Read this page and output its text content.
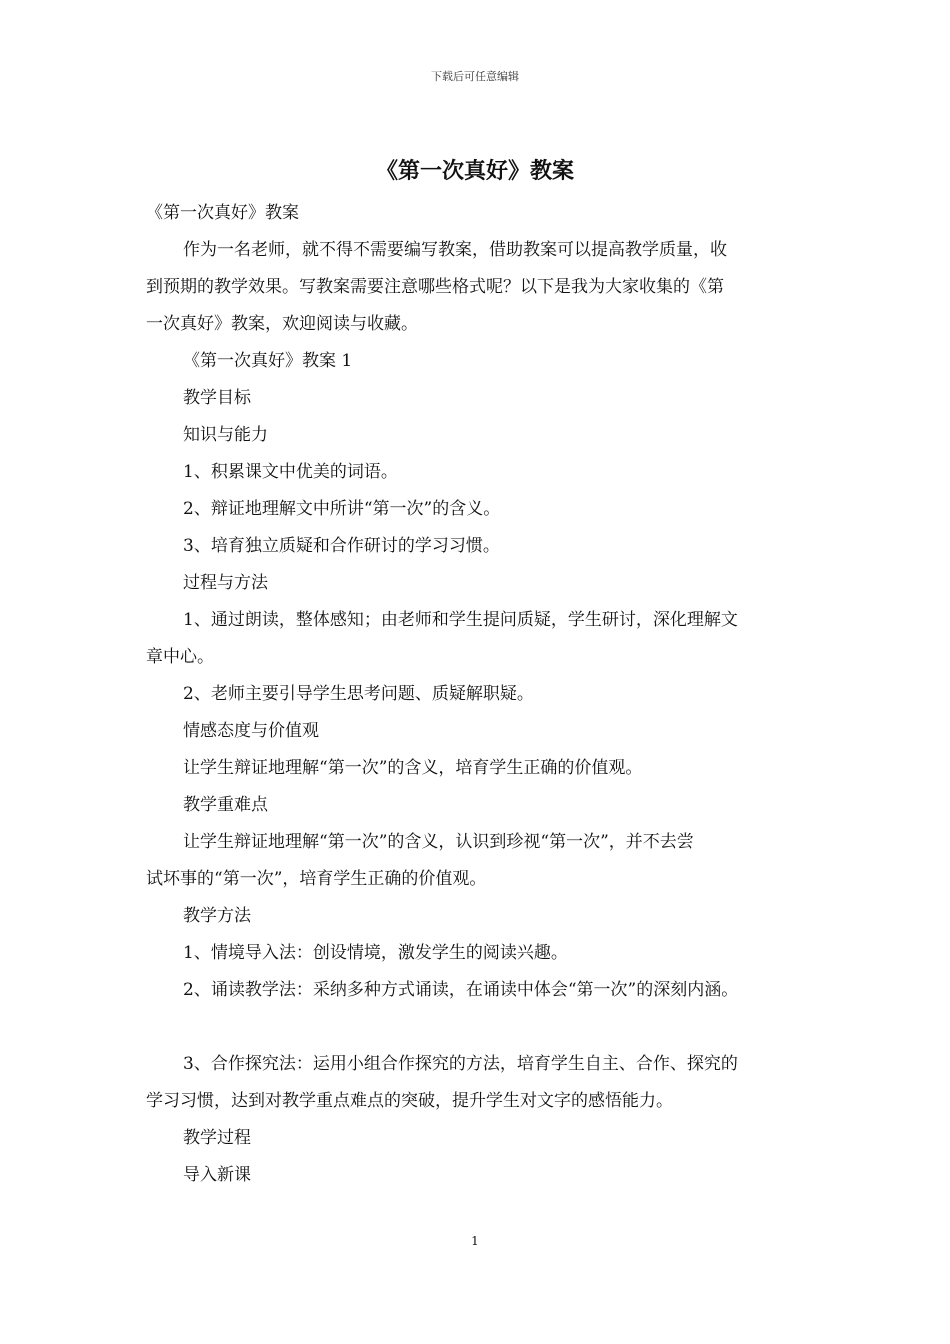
下载后可任意编辑
《第一次真好》教案
《第一次真好》教案
作为一名老师，就不得不需要编写教案，借助教案可以提高教学质量，收
到预期的教学效果。写教案需要注意哪些格式呢？以下是我为大家收集的《第
一次真好》教案，欢迎阅读与收藏。
《第一次真好》教案 1
教学目标
知识与能力
1、积累课文中优美的词语。
2、辩证地理解文中所讲“第一次”的含义。
3、培育独立质疑和合作研讨的学习习惯。
过程与方法
1、通过朗读，整体感知；由老师和学生提问质疑，学生研讨，深化理解文
章中心。
2、老师主要引导学生思考问题、质疑解职疑。
情感态度与价值观
让学生辩证地理解“第一次”的含义，培育学生正确的价值观。
教学重难点
让学生辩证地理解“第一次”的含义，认识到珍视“第一次”，并不去尝
试坏事的“第一次”，培育学生正确的价值观。
教学方法
1、情境导入法：创设情境，激发学生的阅读兴趣。
2、诵读教学法：采纳多种方式诵读，在诵读中体会“第一次”的深刻内涵。
3、合作探究法：运用小组合作探究的方法，培育学生自主、合作、探究的
学习习惯，达到对教学重点难点的突破，提升学生对文字的感悟能力。
教学过程
导入新课
1
